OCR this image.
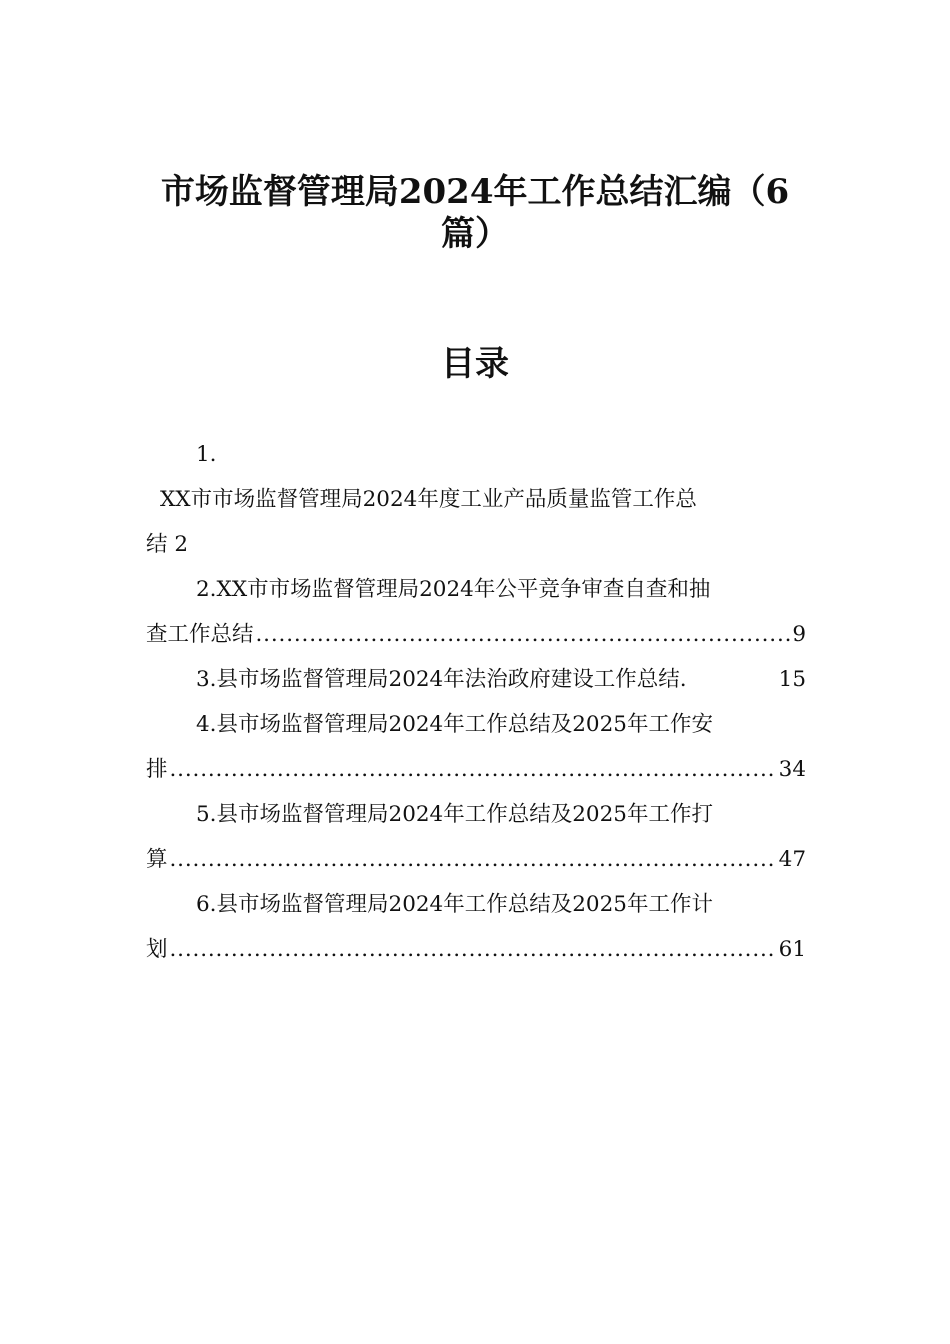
市场监督管理局2024年工作总结汇编（6
篇）
目录
1.
XX市市场监督管理局2024年度工业产品质量监管工作总
结 2
2.XX市市场监督管理局2024年公平竞争审查自查和抽
查工作总结 . . .	9
3.县市场监督管理局2024年法治政府建设工作总结.	15
4.县市场监督管理局2024年工作总结及2025年工作安
排 . . .	34
5.县市场监督管理局2024年工作总结及2025年工作打
算 . . .	47
6.县市场监督管理局2024年工作总结及2025年工作计
划 . . .	61
